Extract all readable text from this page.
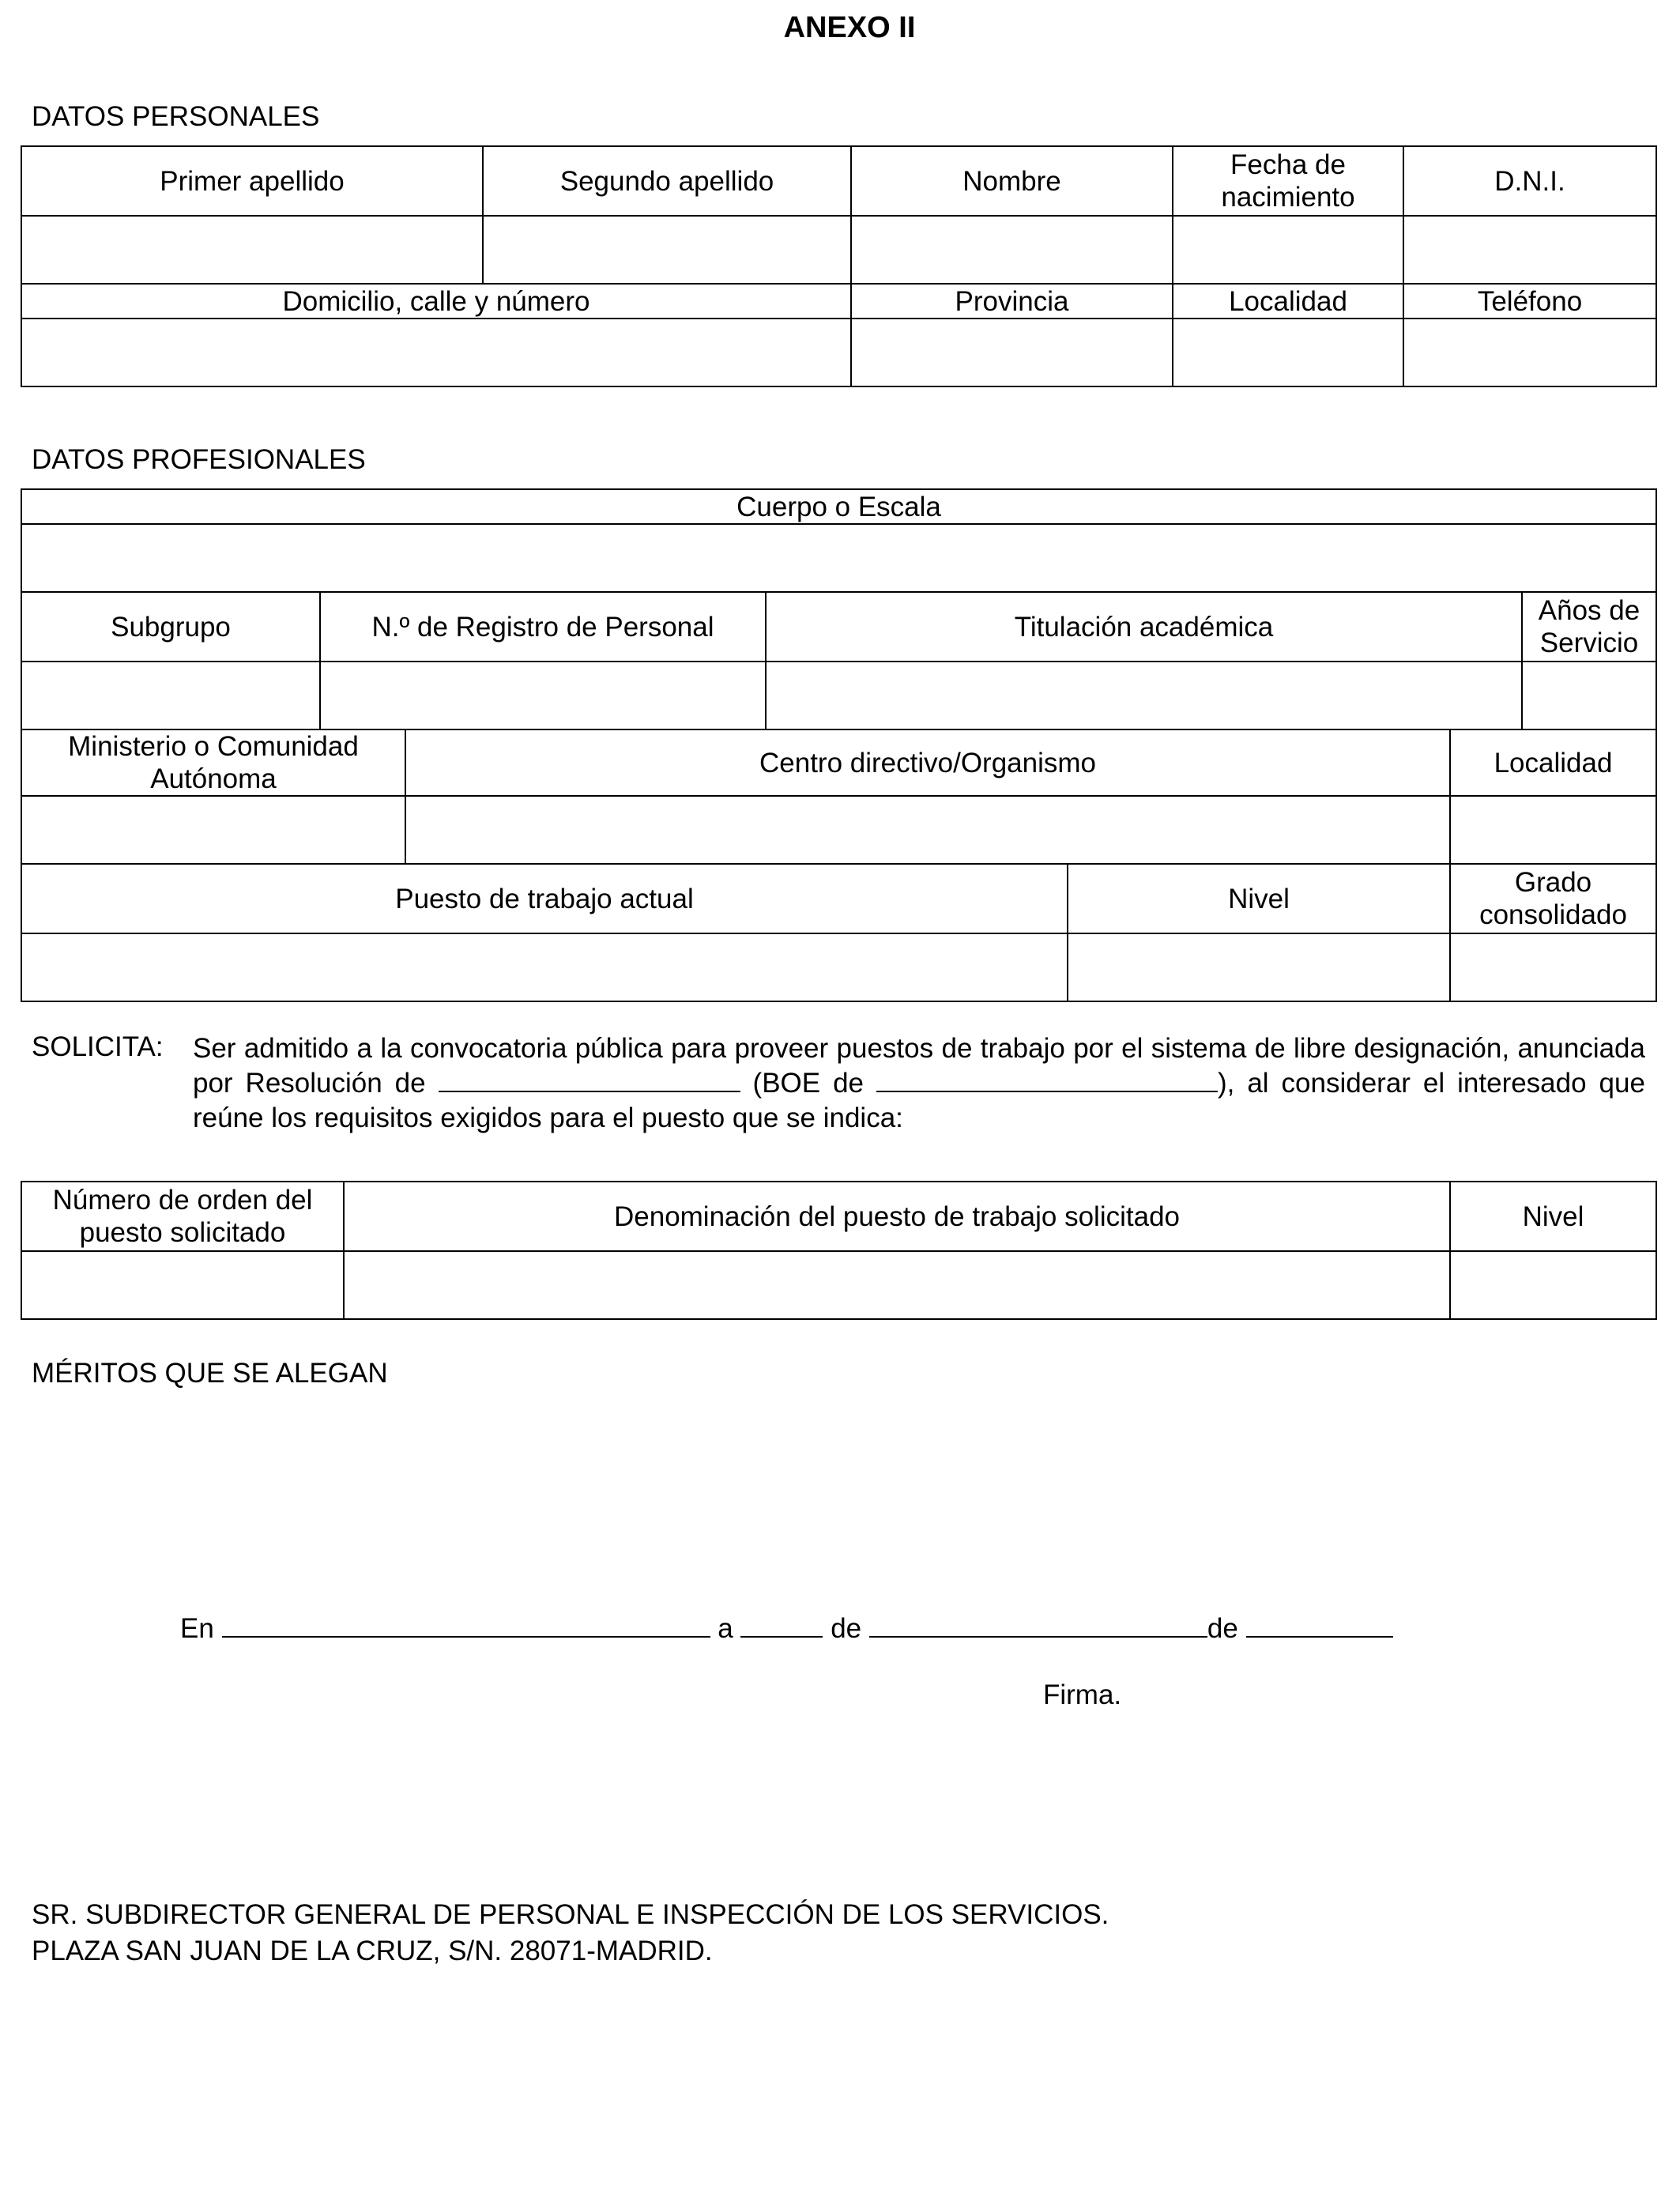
ANEXO II
DATOS PERSONALES
Primer apellido	Segundo apellido	Nombre	Fecha de nacimiento	D.N.I.

Domicilio, calle y número		Provincia	Localidad	Teléfono

DATOS PROFESIONALES
Cuerpo o Escala						

Subgrupo	N.º de Registro de Personal		Titulación académica			Años de Servicio

Ministerio o Comunidad Autónoma		Centro directivo/Organismo			Localidad	

Puesto de trabajo actual				Nivel	Grado consolidado	

SOLICITA: Ser admitido a la convocatoria pública para proveer puestos de trabajo por el sistema de libre designación, anunciada por Resolución de	(BOE de	), al considerar el interesado que reúne los requisitos exigidos para el puesto que se indica:
Número de orden del puesto solicitado	Denominación del puesto de trabajo solicitado	Nivel

MÉRITOS QUE SE ALEGAN
En	a	de	de
Firma.
SR. SUBDIRECTOR GENERAL DE PERSONAL E INSPECCIÓN DE LOS SERVICIOS.
PLAZA SAN JUAN DE LA CRUZ, S/N. 28071-MADRID.
